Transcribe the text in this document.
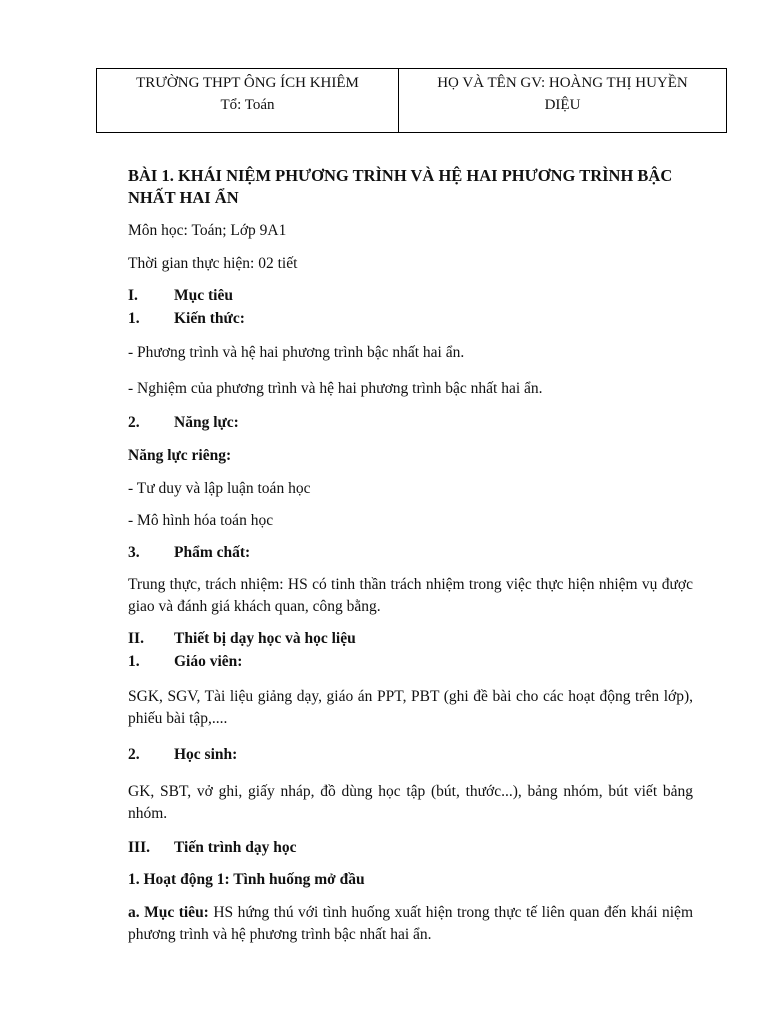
TRƯỜNG THPT ÔNG ÍCH KHIÊM
Tổ: Toán
HỌ VÀ TÊN GV: HOÀNG THỊ HUYỀN
DIỆU
BÀI 1. KHÁI NIỆM PHƯƠNG TRÌNH VÀ HỆ HAI PHƯƠNG TRÌNH BẬC NHẤT HAI ẨN
Môn học: Toán; Lớp 9A1
Thời gian thực hiện: 02 tiết
I. Mục tiêu
1. Kiến thức:
- Phương trình và hệ hai phương trình bậc nhất hai ẩn.
- Nghiệm của phương trình và hệ hai phương trình bậc nhất hai ẩn.
2. Năng lực:
Năng lực riêng:
- Tư duy và lập luận toán học
- Mô hình hóa toán học
3. Phẩm chất:
Trung thực, trách nhiệm: HS có tinh thần trách nhiệm trong việc thực hiện nhiệm vụ được giao và đánh giá khách quan, công bằng.
II. Thiết bị dạy học và học liệu
1. Giáo viên:
SGK, SGV, Tài liệu giảng dạy, giáo án PPT, PBT (ghi đề bài cho các hoạt động trên lớp), phiếu bài tập,....
2. Học sinh:
GK, SBT, vở ghi, giấy nháp, đồ dùng học tập (bút, thước...), bảng nhóm, bút viết bảng nhóm.
III. Tiến trình dạy học
1. Hoạt động 1: Tình huống mở đầu
a. Mục tiêu: HS hứng thú với tình huống xuất hiện trong thực tế liên quan đến khái niệm phương trình và hệ phương trình bậc nhất hai ẩn.
